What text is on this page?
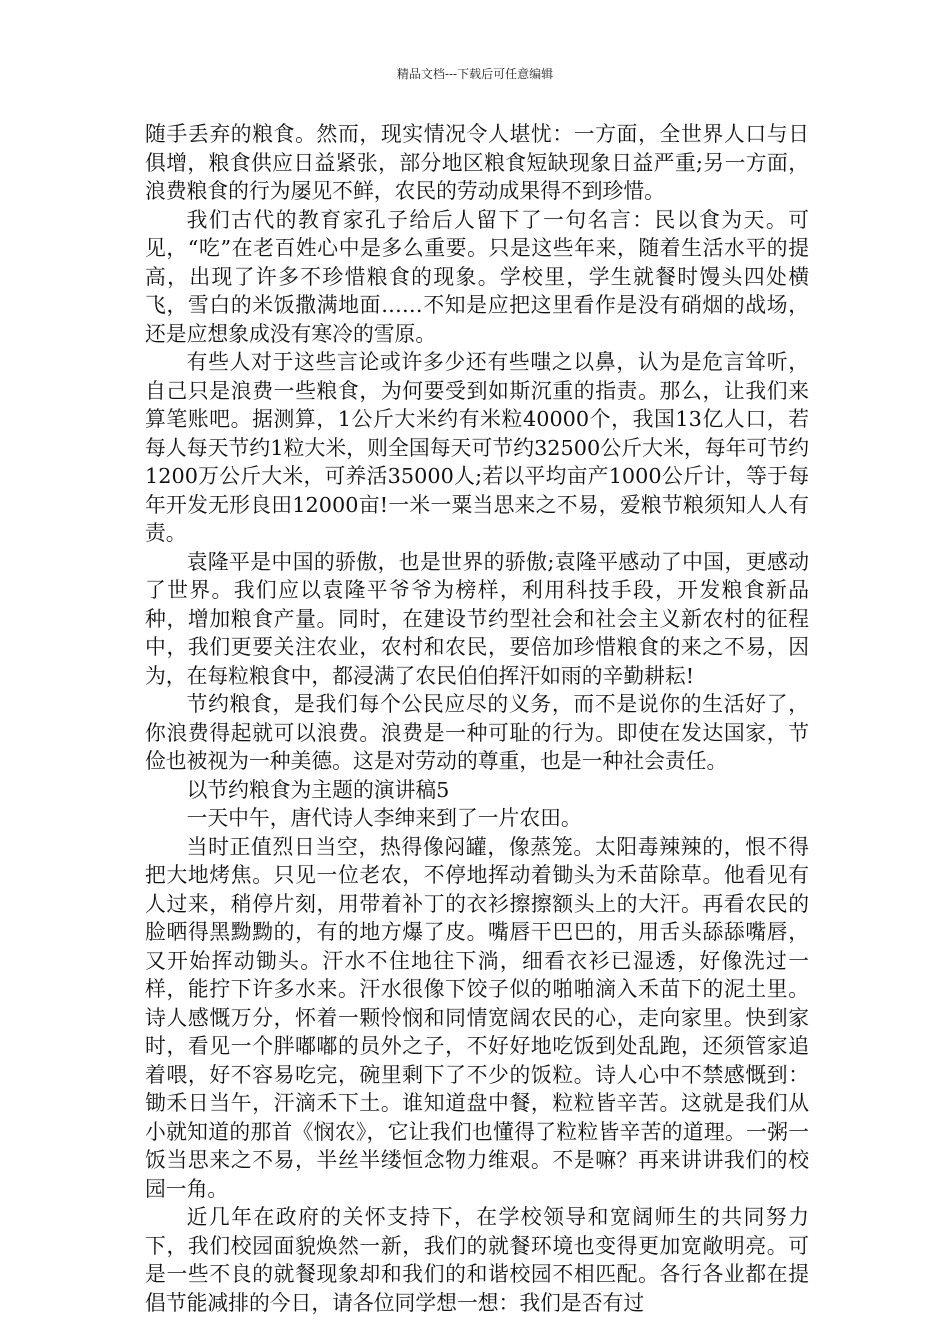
精品文档---下载后可任意编辑

随手丢弃的粮食。然而，现实情况令人堪忧：一方面，全世界人口与日俱增，粮食供应日益紧张，部分地区粮食短缺现象日益严重;另一方面，浪费粮食的行为屡见不鲜，农民的劳动成果得不到珍惜。

我们古代的教育家孔子给后人留下了一句名言：民以食为天。可见，“吃”在老百姓心中是多么重要。只是这些年来，随着生活水平的提高，出现了许多不珍惜粮食的现象。学校里，学生就餐时馒头四处横飞，雪白的米饭撒满地面……不知是应把这里看作是没有硝烟的战场，还是应想象成没有寒冷的雪原。

有些人对于这些言论或许多少还有些嗤之以鼻，认为是危言耸听，自己只是浪费一些粮食，为何要受到如斯沉重的指责。那么，让我们来算笔账吧。据测算，1公斤大米约有米粒40000个，我国13亿人口，若每人每天节约1粒大米，则全国每天可节约32500公斤大米，每年可节约1200万公斤大米，可养活35000人;若以平均亩产1000公斤计，等于每年开发无形良田12000亩!一米一粟当思来之不易，爱粮节粮须知人人有责。

袁隆平是中国的骄傲，也是世界的骄傲;袁隆平感动了中国，更感动了世界。我们应以袁隆平爷爷为榜样，利用科技手段，开发粮食新品种，增加粮食产量。同时，在建设节约型社会和社会主义新农村的征程中，我们更要关注农业，农村和农民，要倍加珍惜粮食的来之不易，因为，在每粒粮食中，都浸满了农民伯伯挥汗如雨的辛勤耕耘!

节约粮食，是我们每个公民应尽的义务，而不是说你的生活好了，你浪费得起就可以浪费。浪费是一种可耻的行为。即使在发达国家，节俭也被视为一种美德。这是对劳动的尊重，也是一种社会责任。

以节约粮食为主题的演讲稿5

一天中午，唐代诗人李绅来到了一片农田。

当时正值烈日当空，热得像闷罐，像蒸笼。太阳毒辣辣的，恨不得把大地烤焦。只见一位老农，不停地挥动着锄头为禾苗除草。他看见有人过来，稍停片刻，用带着补丁的衣衫擦擦额头上的大汗。再看农民的脸晒得黑黝黝的，有的地方爆了皮。嘴唇干巴巴的，用舌头舔舔嘴唇，又开始挥动锄头。汗水不住地往下淌，细看衣衫已湿透，好像洗过一样，能拧下许多水来。汗水很像下饺子似的啪啪滴入禾苗下的泥土里。诗人感慨万分，怀着一颗怜悯和同情宽阔农民的心，走向家里。快到家时，看见一个胖嘟嘟的员外之子，不好好地吃饭到处乱跑，还须管家追着喂，好不容易吃完，碗里剩下了不少的饭粒。诗人心中不禁感慨到：锄禾日当午，汗滴禾下土。谁知道盘中餐，粒粒皆辛苦。这就是我们从小就知道的那首《悯农》，它让我们也懂得了粒粒皆辛苦的道理。一粥一饭当思来之不易，半丝半缕恒念物力维艰。不是嘛？再来讲讲我们的校园一角。

近几年在政府的关怀支持下，在学校领导和宽阔师生的共同努力下，我们校园面貌焕然一新，我们的就餐环境也变得更加宽敞明亮。可是一些不良的就餐现象却和我们的和谐校园不相匹配。各行各业都在提倡节能减排的今日，请各位同学想一想：我们是否有过
